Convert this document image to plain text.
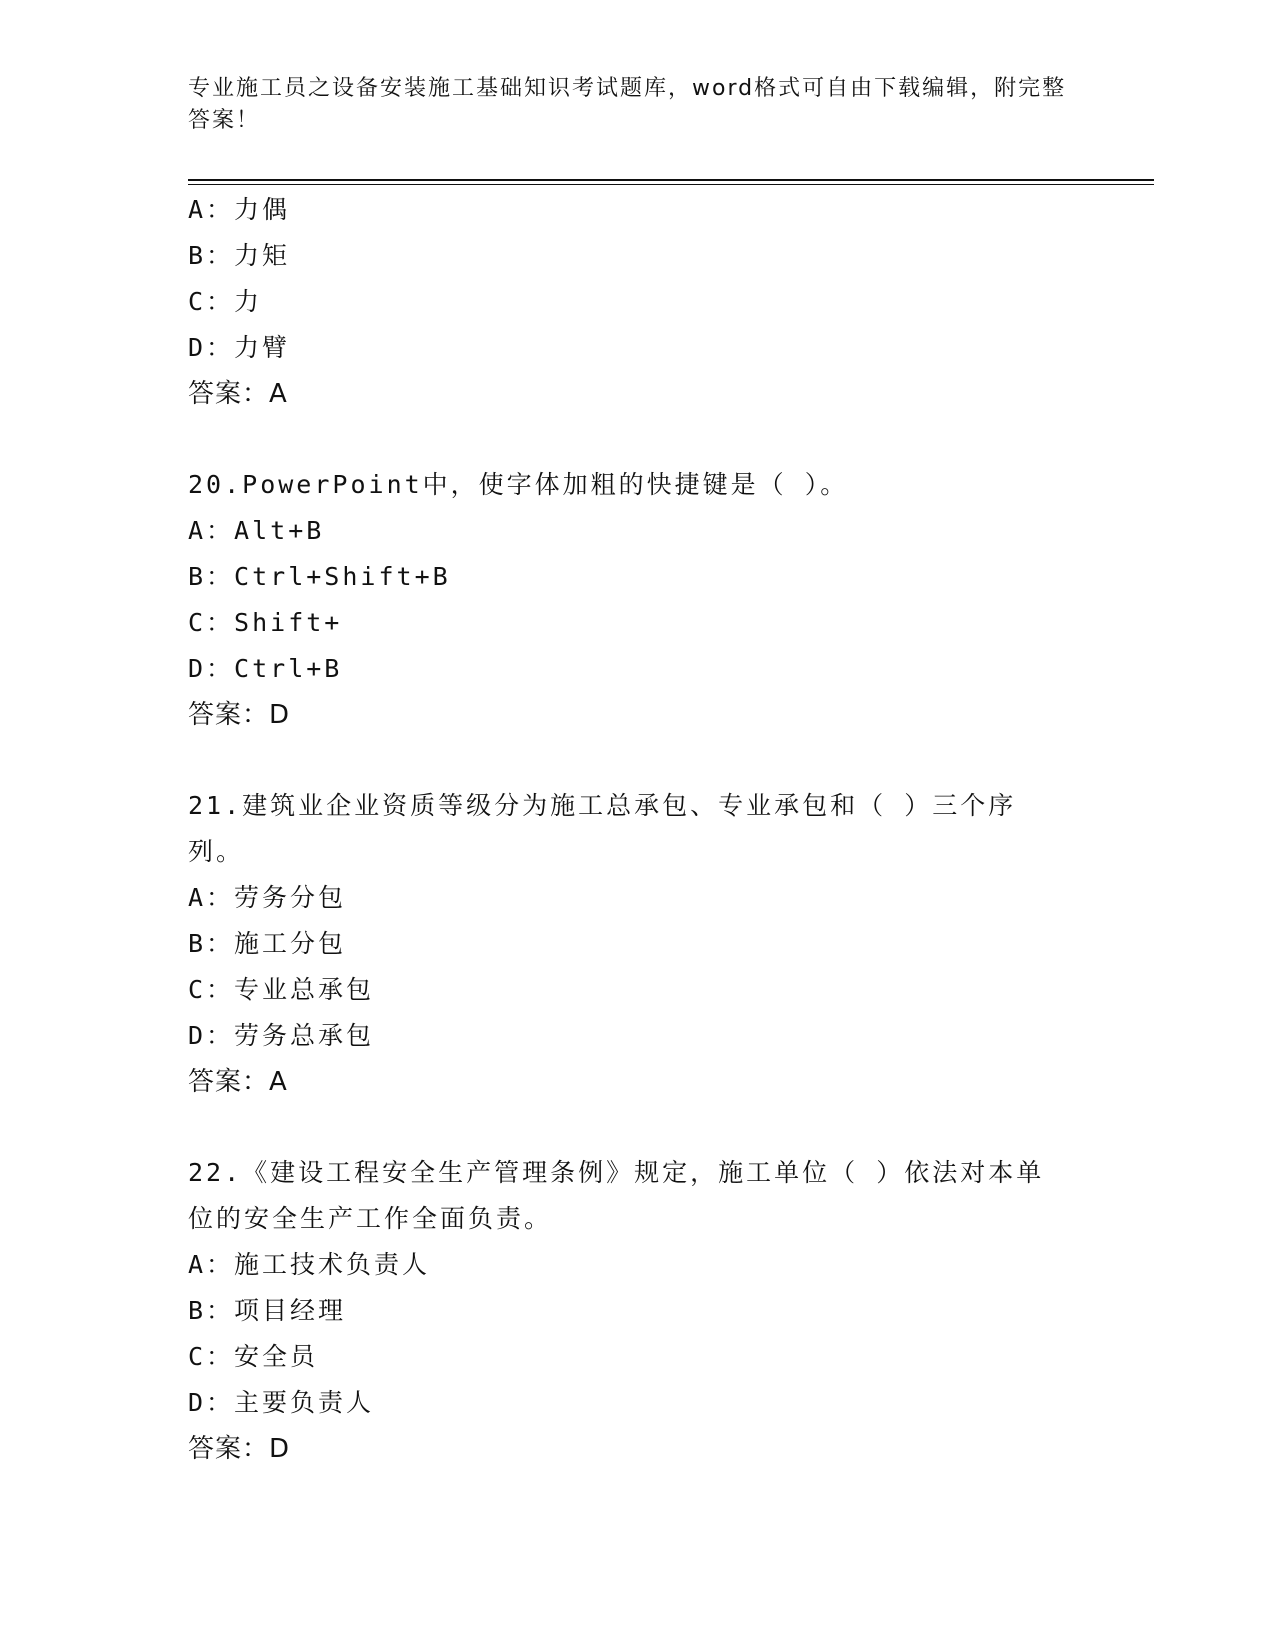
专业施工员之设备安装施工基础知识考试题库，word格式可自由下载编辑，附完整答案！
A：力偶
B：力矩
C：力
D：力臂
答案：A
20.PowerPoint中，使字体加粗的快捷键是（ ）。
A：Alt+B
B：Ctrl+Shift+B
C：Shift+
D：Ctrl+B
答案：D
21.建筑业企业资质等级分为施工总承包、专业承包和（ ）三个序列。
A：劳务分包
B：施工分包
C：专业总承包
D：劳务总承包
答案：A
22.《建设工程安全生产管理条例》规定，施工单位（ ）依法对本单位的安全生产工作全面负责。
A：施工技术负责人
B：项目经理
C：安全员
D：主要负责人
答案：D
